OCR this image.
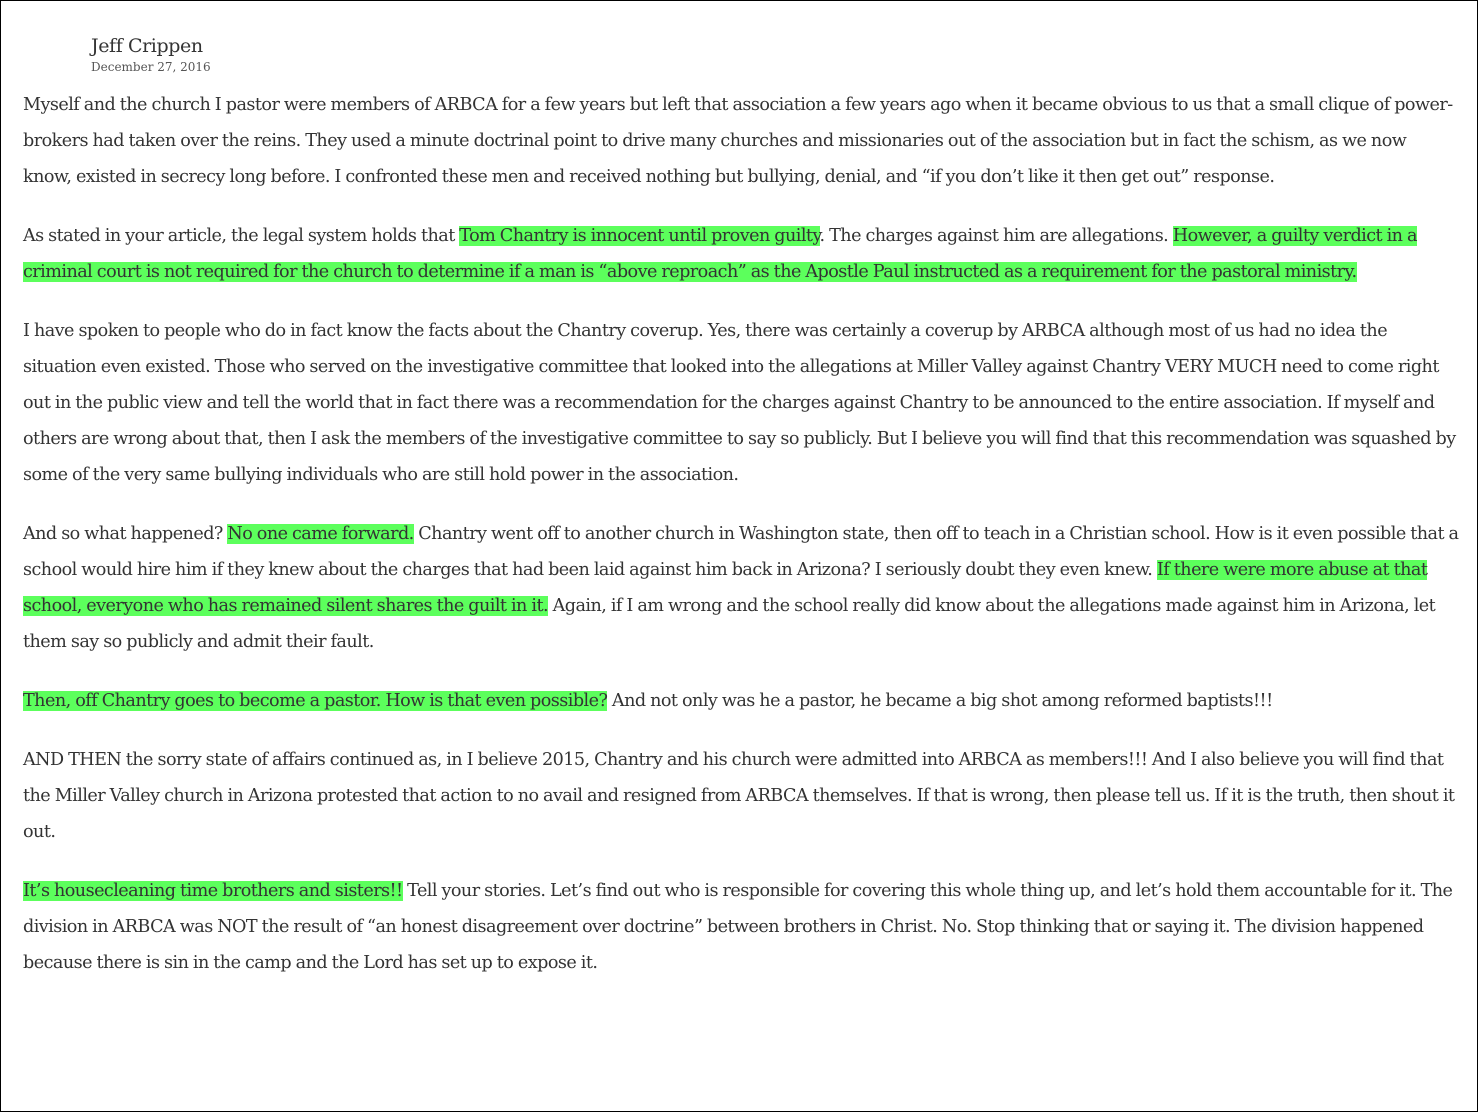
Jeff Crippen
December 27, 2016

Myself and the church I pastor were members of ARBCA for a few years but left that association a few years ago when it became obvious to us that a small clique of power-brokers had taken over the reins. They used a minute doctrinal point to drive many churches and missionaries out of the association but in fact the schism, as we now know, existed in secrecy long before. I confronted these men and received nothing but bullying, denial, and “if you don’t like it then get out” response.

As stated in your article, the legal system holds that Tom Chantry is innocent until proven guilty. The charges against him are allegations. However, a guilty verdict in a criminal court is not required for the church to determine if a man is “above reproach” as the Apostle Paul instructed as a requirement for the pastoral ministry.

I have spoken to people who do in fact know the facts about the Chantry coverup. Yes, there was certainly a coverup by ARBCA although most of us had no idea the situation even existed. Those who served on the investigative committee that looked into the allegations at Miller Valley against Chantry VERY MUCH need to come right out in the public view and tell the world that in fact there was a recommendation for the charges against Chantry to be announced to the entire association. If myself and others are wrong about that, then I ask the members of the investigative committee to say so publicly. But I believe you will find that this recommendation was squashed by some of the very same bullying individuals who are still hold power in the association.

And so what happened? No one came forward. Chantry went off to another church in Washington state, then off to teach in a Christian school. How is it even possible that a school would hire him if they knew about the charges that had been laid against him back in Arizona? I seriously doubt they even knew. If there were more abuse at that school, everyone who has remained silent shares the guilt in it. Again, if I am wrong and the school really did know about the allegations made against him in Arizona, let them say so publicly and admit their fault.

Then, off Chantry goes to become a pastor. How is that even possible? And not only was he a pastor, he became a big shot among reformed baptists!!!

AND THEN the sorry state of affairs continued as, in I believe 2015, Chantry and his church were admitted into ARBCA as members!!! And I also believe you will find that the Miller Valley church in Arizona protested that action to no avail and resigned from ARBCA themselves. If that is wrong, then please tell us. If it is the truth, then shout it out.

It’s housecleaning time brothers and sisters!! Tell your stories. Let’s find out who is responsible for covering this whole thing up, and let’s hold them accountable for it. The division in ARBCA was NOT the result of “an honest disagreement over doctrine” between brothers in Christ. No. Stop thinking that or saying it. The division happened because there is sin in the camp and the Lord has set up to expose it.
